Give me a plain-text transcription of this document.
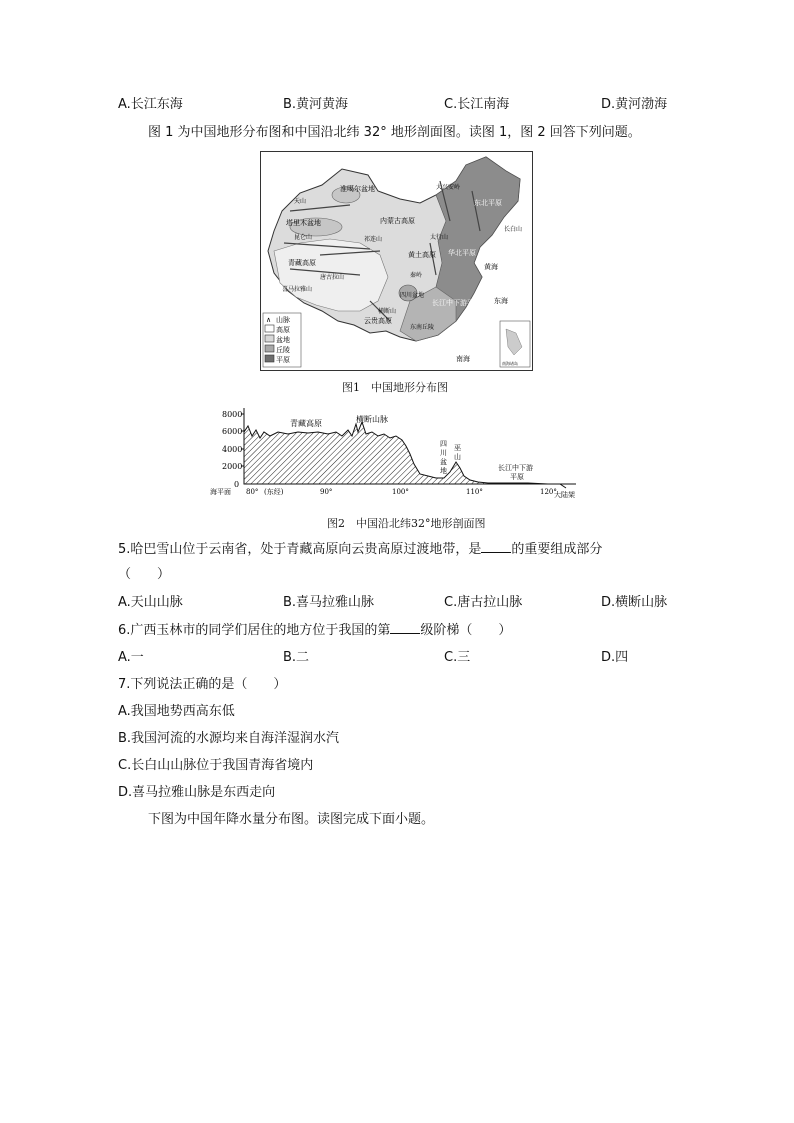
A.长江东海	B.黄河黄海	C.长江南海	D.黄河渤海
图 1 为中国地形分布图和中国沿北纬 32° 地形剖面图。读图 1，图 2 回答下列问题。
准噶尔盆地
塔里木盆地
青藏高原
内蒙古高原
黄土高原
四川盆地
云贵高原
东北平原
华北平原
长江中下游平原
东南丘陵
黄海
东海
南海
天山
昆仑山	祁连山
横断山
秦岭
大兴安岭
太行山
长白山
喜马拉雅山
唐古拉山
∧ 山脉
高原
盆地
丘陵
平原	南海诸岛
图1　中国地形分布图
8000
6000
4000
2000
0
80° (东经)	90°	100°	110°	120°
海平面	大陆架
青藏高原	横断山脉
四
川
盆
地
巫
山
长江中下游
平原
图2　中国沿北纬32°地形剖面图
5.哈巴雪山位于云南省，处于青藏高原向云贵高原过渡地带，是 的重要组成部分
（　　）
A.天山山脉	B.喜马拉雅山脉	C.唐古拉山脉	D.横断山脉
6.广西玉林市的同学们居住的地方位于我国的第 级阶梯（　　）
A.一	B.二	C.三	D.四
7.下列说法正确的是（　　）
A.我国地势西高东低
B.我国河流的水源均来自海洋湿润水汽
C.长白山山脉位于我国青海省境内
D.喜马拉雅山脉是东西走向
下图为中国年降水量分布图。读图完成下面小题。
